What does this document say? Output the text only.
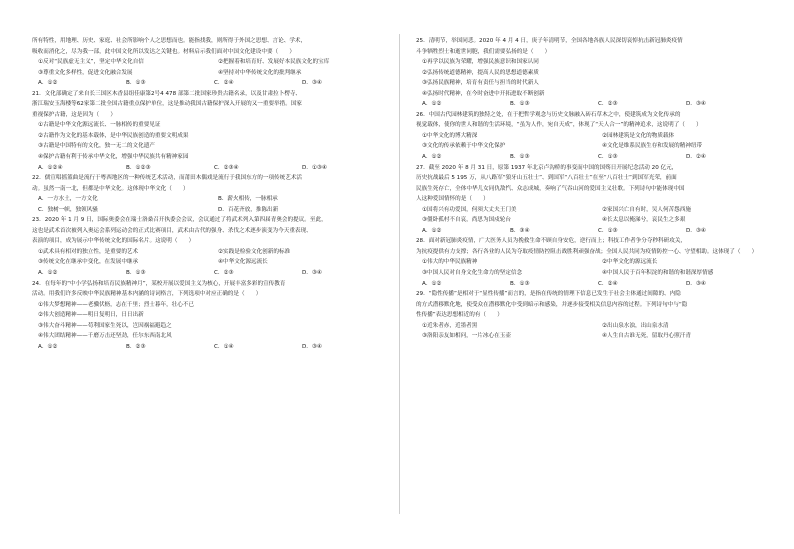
所有特性，用地理、历史、家庭、社会所影响个人之思想而也。能指找我，则所得于外国之思想、言论、学术，

吸收而消化之，尽为我一部，此中国文化所以发达之关键也。材料启示我们面对中国文化建设中要（　　）

①反对“民族虚无主义”，坚定中华文化自信	②把握着和培育好、发展好本民族文化的宝库
③尊重文化多样性，促进文化融合发展	④坚持对中华传统文化的批判继承
A．①②	B．①③	C．②④	D．③④

21．文化部确定了来自长三国区木香县组佳康第2号4 478 部第二批国家珍贵古籍名录，以及甘肃拉卜楞寺、

浙江瑞安玉海楼等62家第二批全国古籍重点保护单位，这是推动我国古籍保护深入开展的又一重要举措。国家

重视保护古籍，这是因为（　　）

①古籍是中华文化源远流长、一脉相传的重要见证

②古籍作为文化的基本载体，是中华民族创造的重要文明成果

③古籍是中国特有的文化，独一无二的文化遗产

④保护古籍有利于传承中华文化，增强中华民族共有精神家园

A．①②④	B．①②③	C．②③④	D．①③④

22．儒宣唱摇篮曲是流行于粤西地区的一种传统艺术活动，而莆田木偶戏是流行于我国东方的一项传统艺术活

动。虽然一南一北，但都是中华文化。这体现中华文化（　　）

A．一方水土，一方文化	B．薪火相传，一脉相承
C．独树一帜，独领风骚	D．百花齐放，推陈出新

23．2020 年 1 月 9 日，国际奥委会在瑞士洛桑召开执委会会议，会议通过了将武术列入第四届青奥会的提议。至此，

这也是武术首次被列入奥运会系列运动会的正式比赛项目，武术由古代的强身、杀伐之术逐步演变为今天重表现、

表演的项目，成为展示中华传统文化的国际名片。这说明（　　）

①武术具有相对的独立性，是重要的艺术	②实践是检验文化创新的标准
③传统文化在继承中变化，在发展中继承	④中华文化源远流长
A．①②	B．①③	C．②③	D．③④

24．在每年的“中小学弘扬和培育民族精神月”，某校开展以爱国主义为核心，开展丰富多彩的宣传教育

活动。用我们许多反映中华民族精神基本内涵的诗词格言，下列选项中对应正确的是（　　）

①伟大梦想精神——老骥伏枥，志在千里；烈士暮年，壮心不已

②伟大创造精神——明日复明日，日日出新

③伟大奋斗精神——苟利国家生死以，岂因祸福避趋之

④伟大团结精神——千磨万击还坚劲，任尔东西南北风

A．①②	B．②③	C．①④	D．③④

25．清明节，举国同悲。2020 年 4 月 4 日，庚子年清明节，全国各地各族人民深切哀悼抗击新冠肺炎疫情

斗争牺牲烈士和逝世同胞，我们需要弘扬的是（　　）

①再学以民族为荣耀，增强民族意识和国家认同

②弘扬传统道德精神，提高人民的思想道德素质

③弘扬民族精神，培育有责任与担当的时代新人

④弘扬时代精神，在今时奋进中开拓进取不断创新

A．①②	B．①③	C．②③	D．③④

26．中国古代园林建筑的独特之处，在于把哲学观念与历史文脉融入砖石草木之中，使建筑成为文化传承的

视觉载体，使你的世人和谐的生活环境，“虽为人作，宛自天成”，体现了“天人合一”的精神追求，这说明了（　　）

①中华文化的博大精深	②园林建筑是文化的物质载体
③文化的传承依赖于中华文化保护	④文化是维系民族生存和发展的精神纽带
A．①②	B．①③	C．①③	D．②④

27．截至 2020 年 8 月 31 日，原第 1937 年北京卢沟桥的事变而中国的国殇日开展纪念活动 20 亿元，

历史抗战最后 5 195 万，从八路军“狼牙山五壮士”、到国军“八百壮士”在至“八百壮士”到国军光荣，前面

民族生死存亡，全体中华儿女同仇敌忾、众志成城，奏响了气吞山河的爱国主义壮歌。下列诗句中能体现中国

人这种爱国情怀的是（　　）

①国将兴有功爱国，何须大丈夫王门美	②家国兴亡自有时，吴人何苦怨西施
③僵卧孤村不自哀，尚思为国戍轮台	④长太息以掩涕兮，哀民生之多艰
A．①②	B．③④	C．①③	D．③④

28．面对新冠肺炎疫情，广大医务人员为挽救生命不顾自身安危，逆行而上；科技工作者争分夺秒科研攻关，

为抗疫提供有力支撑；各行各业的人民为夺取疫情防控阻击战胜利顽强奋战；全国人民共同为疫情防控一心、守望相助。这体现了（　　）

①伟大的中华民族精神	②中华文化的源远流长
③中国人民对自身文化生命力的坚定信念	④中国人民于百年积淀的和谐的和谐深厚情感
A．①②	B．①③	C．②④	D．③④

29．“隐性传播”是相对于“显性传播”而言的，是指在传统的情理下信息已发生于社会主体通过间隙的、内隐

的方式潜移默化地，使受众在潜移默化中受到暗示和感染，并逐步接受相关信息内容的过程。下列诗句中与“隐

性传播”表达思想相近的有（　　）

①近朱者赤，近墨者黑	②出山泉水浊，出山泉水清
③洛阳亲友如相问，一片冰心在玉壶	④人生自古谁无死，留取丹心照汗青
